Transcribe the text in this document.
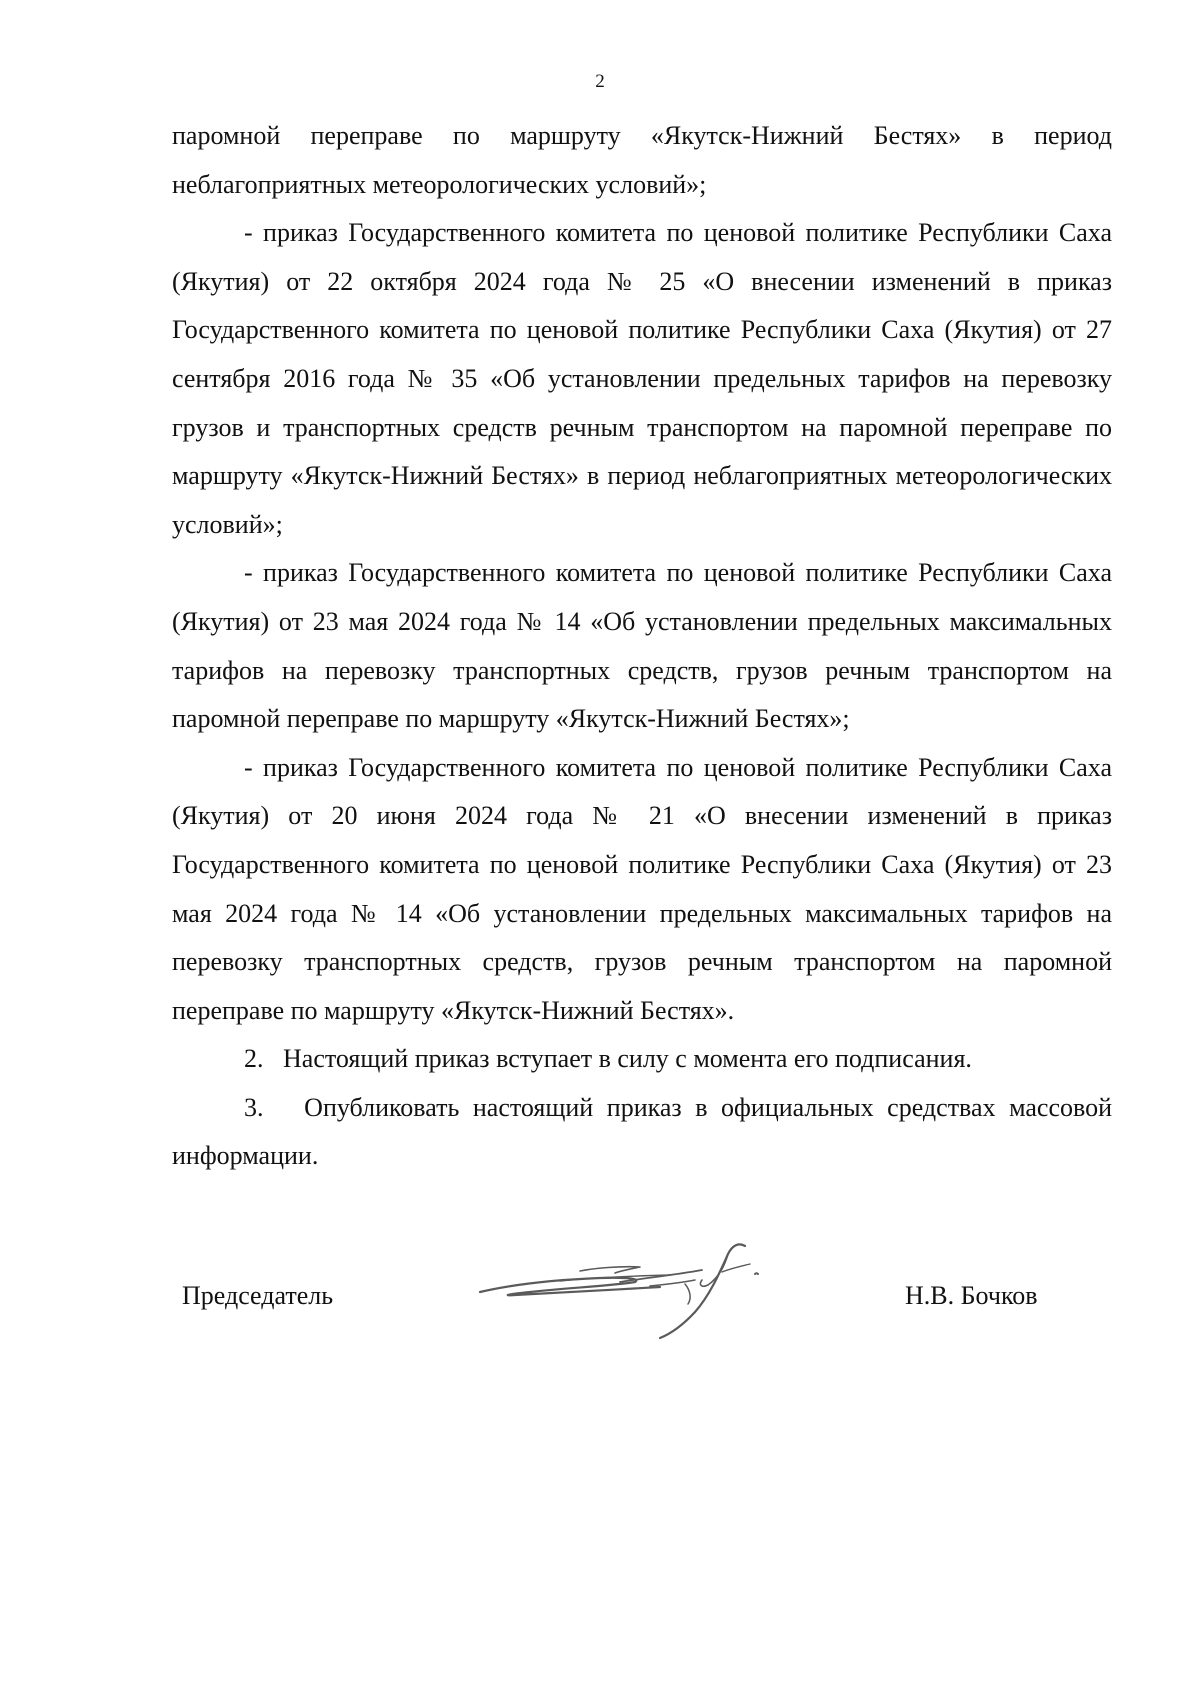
2

паромной переправе по маршруту «Якутск-Нижний Бестях» в период неблагоприятных метеорологических условий»;

- приказ Государственного комитета по ценовой политике Республики Саха (Якутия) от 22 октября 2024 года № 25 «О внесении изменений в приказ Государственного комитета по ценовой политике Республики Саха (Якутия) от 27 сентября 2016 года № 35 «Об установлении предельных тарифов на перевозку грузов и транспортных средств речным транспортом на паромной переправе по маршруту «Якутск-Нижний Бестях» в период неблагоприятных метеорологических условий»;

- приказ Государственного комитета по ценовой политике Республики Саха (Якутия) от 23 мая 2024 года № 14 «Об установлении предельных максимальных тарифов на перевозку транспортных средств, грузов речным транспортом на паромной переправе по маршруту «Якутск-Нижний Бестях»;

- приказ Государственного комитета по ценовой политике Республики Саха (Якутия) от 20 июня 2024 года № 21 «О внесении изменений в приказ Государственного комитета по ценовой политике Республики Саха (Якутия) от 23 мая 2024 года № 14 «Об установлении предельных максимальных тарифов на перевозку транспортных средств, грузов речным транспортом на паромной переправе по маршруту «Якутск-Нижний Бестях».

2.   Настоящий приказ вступает в силу с момента его подписания.

3.   Опубликовать настоящий приказ в официальных средствах массовой информации.

Председатель	Н.В. Бочков
